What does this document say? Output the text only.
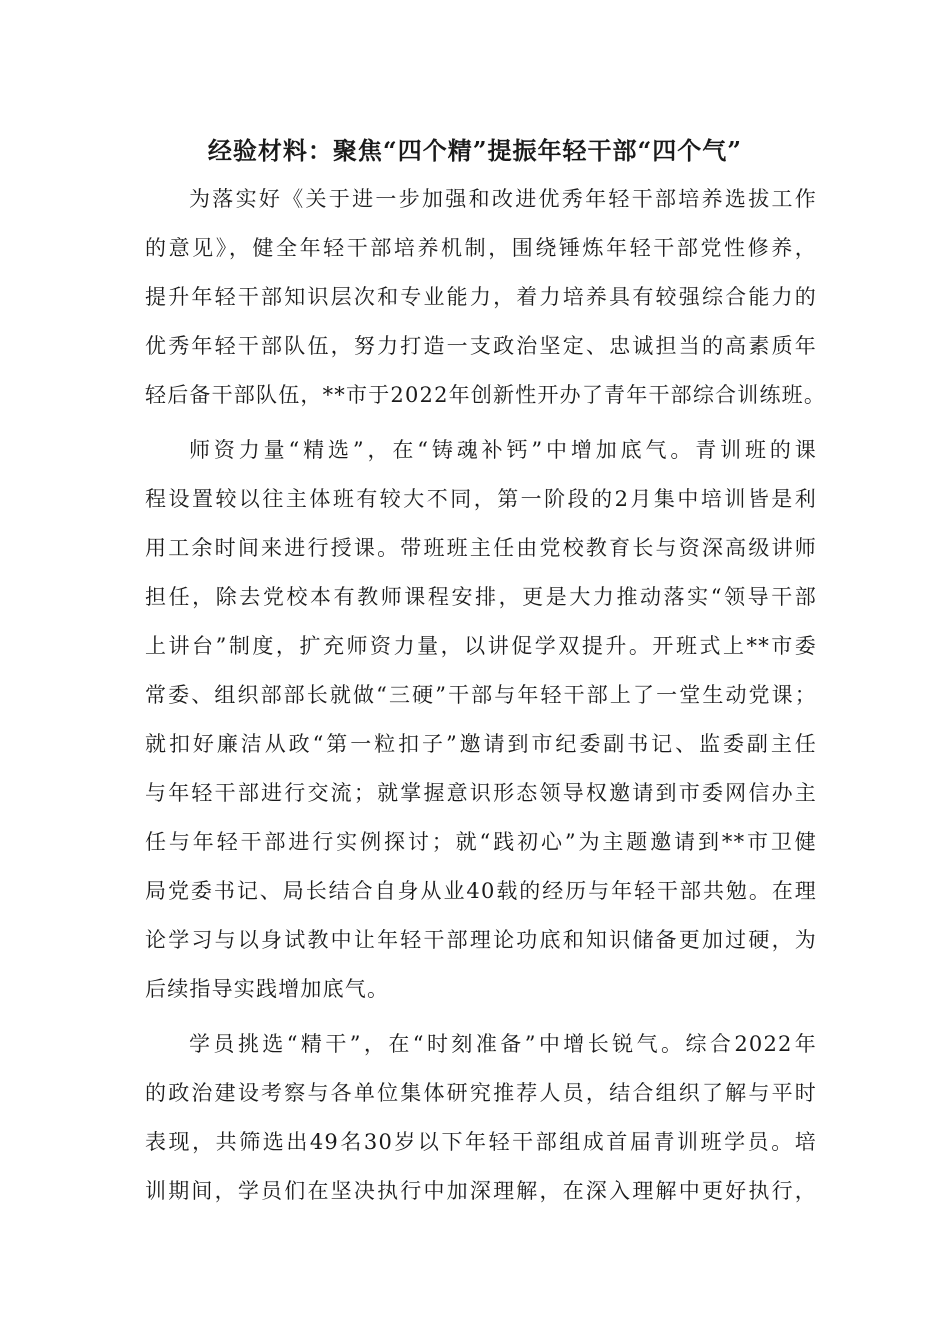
经验材料：聚焦“四个精”提振年轻干部“四个气”

为落实好《关于进一步加强和改进优秀年轻干部培养选拔工作
的意见》，健全年轻干部培养机制，围绕锤炼年轻干部党性修养，
提升年轻干部知识层次和专业能力，着力培养具有较强综合能力的
优秀年轻干部队伍，努力打造一支政治坚定、忠诚担当的高素质年
轻后备干部队伍，**市于2022年创新性开办了青年干部综合训练班。

师资力量“精选”，在“铸魂补钙”中增加底气。青训班的课
程设置较以往主体班有较大不同，第一阶段的2月集中培训皆是利
用工余时间来进行授课。带班班主任由党校教育长与资深高级讲师
担任，除去党校本有教师课程安排，更是大力推动落实“领导干部
上讲台”制度，扩充师资力量，以讲促学双提升。开班式上**市委
常委、组织部部长就做“三硬”干部与年轻干部上了一堂生动党课；
就扣好廉洁从政“第一粒扣子”邀请到市纪委副书记、监委副主任
与年轻干部进行交流；就掌握意识形态领导权邀请到市委网信办主
任与年轻干部进行实例探讨；就“践初心”为主题邀请到**市卫健
局党委书记、局长结合自身从业40载的经历与年轻干部共勉。在理
论学习与以身试教中让年轻干部理论功底和知识储备更加过硬，为
后续指导实践增加底气。

学员挑选“精干”，在“时刻准备”中增长锐气。综合2022年
的政治建设考察与各单位集体研究推荐人员，结合组织了解与平时
表现，共筛选出49名30岁以下年轻干部组成首届青训班学员。培
训期间，学员们在坚决执行中加深理解，在深入理解中更好执行，
